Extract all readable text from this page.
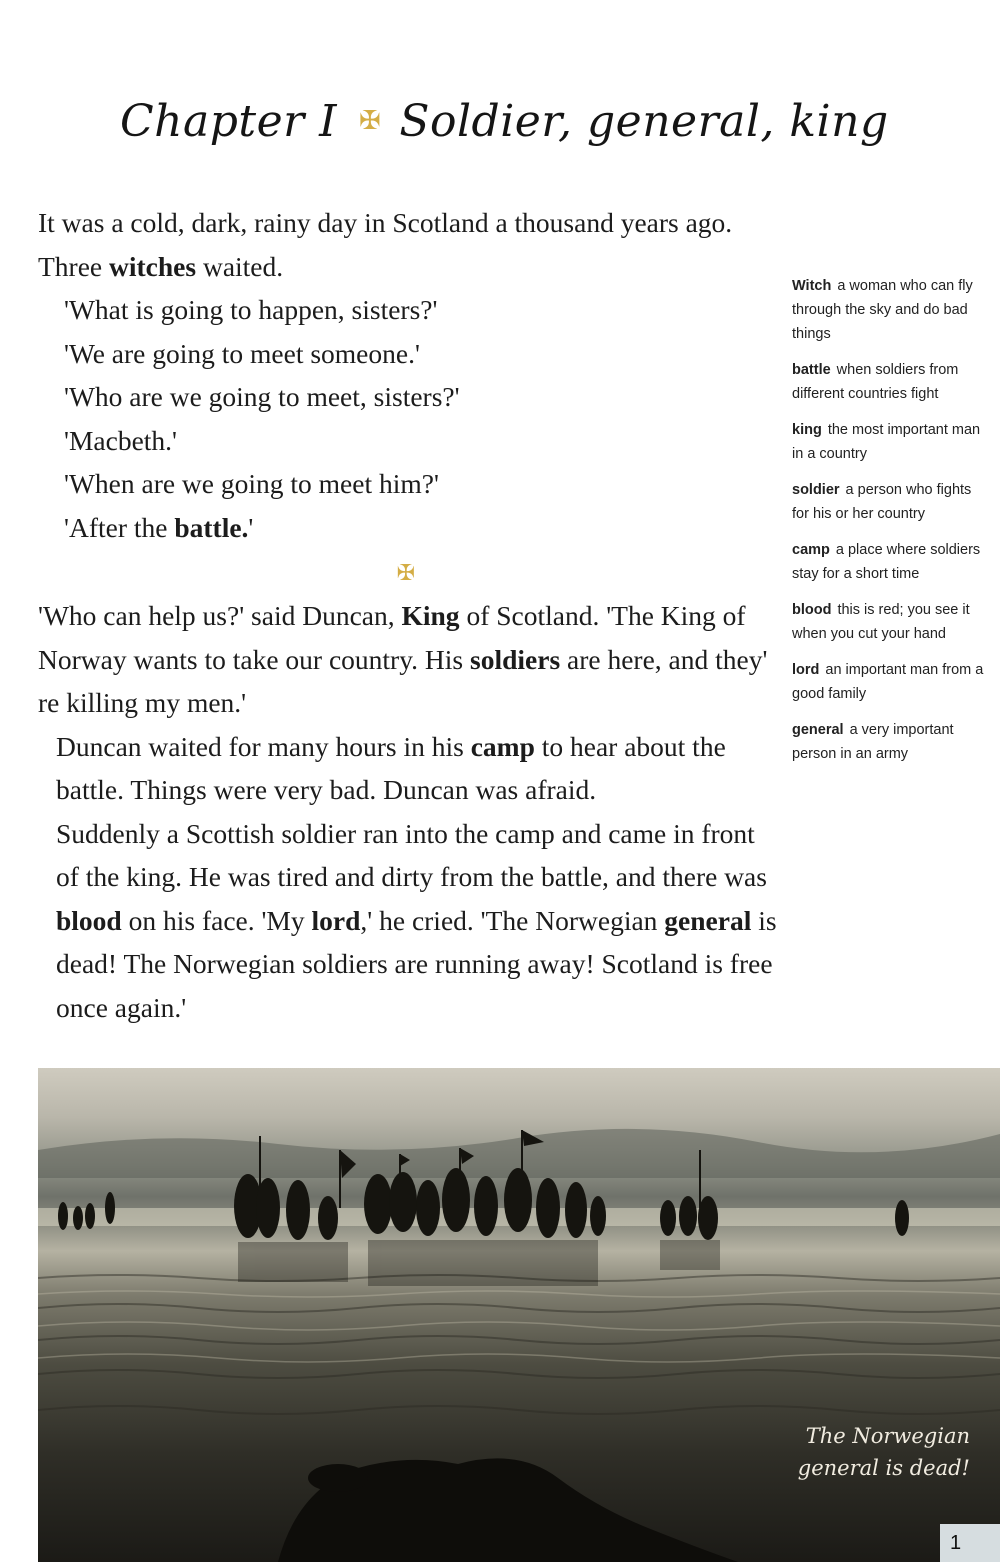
Chapter I ✠ Soldier, general, king

It was a cold, dark, rainy day in Scotland a thousand years ago. Three witches waited.

'What is going to happen, sisters?'

'We are going to meet someone.'

'Who are we going to meet, sisters?'

'Macbeth.'

'When are we going to meet him?'

'After the battle.'

✠

'Who can help us?' said Duncan, King of Scotland. 'The King of Norway wants to take our country. His soldiers are here, and they' re killing my men.'

Duncan waited for many hours in his camp to hear about the battle. Things were very bad. Duncan was afraid.

Suddenly a Scottish soldier ran into the camp and came in front of the king. He was tired and dirty from the battle, and there was blood on his face. 'My lord,' he cried. 'The Norwegian general is dead! The Norwegian soldiers are running away! Scotland is free once again.'

Witch a woman who can fly through the sky and do bad things
battle when soldiers from different countries fight
king the most important man in a country
soldier a person who fights for his or her country
camp a place where soldiers stay for a short time
blood this is red; you see it when you cut your hand
lord an important man from a good family
general a very important person in an army
The Norwegian
general is dead!
1
